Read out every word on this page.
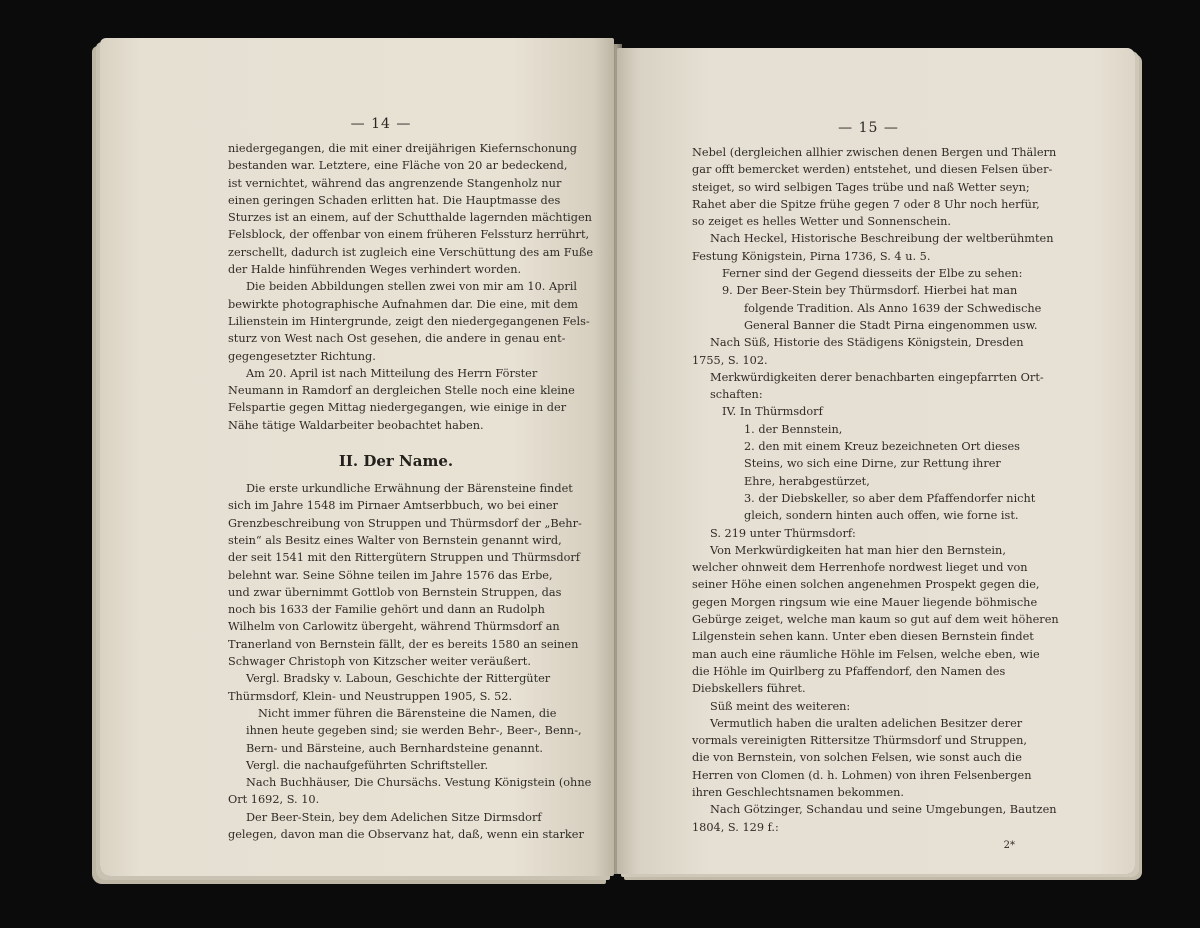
— 14 —

niedergegangen, die mit einer dreijährigen Kiefernschonung

bestanden war. Letztere, eine Fläche von 20 ar bedeckend,

ist vernichtet, während das angrenzende Stangenholz nur

einen geringen Schaden erlitten hat. Die Hauptmasse des

Sturzes ist an einem, auf der Schutthalde lagernden mächtigen

Felsblock, der offenbar von einem früheren Felssturz herrührt,

zerschellt, dadurch ist zugleich eine Verschüttung des am Fuße

der Halde hinführenden Weges verhindert worden.

Die beiden Abbildungen stellen zwei von mir am 10. April

bewirkte photographische Aufnahmen dar. Die eine, mit dem

Lilienstein im Hintergrunde, zeigt den niedergegangenen Fels-

sturz von West nach Ost gesehen, die andere in genau ent-

gegengesetzter Richtung.

Am 20. April ist nach Mitteilung des Herrn Förster

Neumann in Ramdorf an dergleichen Stelle noch eine kleine

Felspartie gegen Mittag niedergegangen, wie einige in der

Nähe tätige Waldarbeiter beobachtet haben.

II. Der Name.

Die erste urkundliche Erwähnung der Bärensteine findet

sich im Jahre 1548 im Pirnaer Amtserbbuch, wo bei einer

Grenzbeschreibung von Struppen und Thürmsdorf der „Behr-

stein“ als Besitz eines Walter von Bernstein genannt wird,

der seit 1541 mit den Rittergütern Struppen und Thürmsdorf

belehnt war. Seine Söhne teilen im Jahre 1576 das Erbe,

und zwar übernimmt Gottlob von Bernstein Struppen, das

noch bis 1633 der Familie gehört und dann an Rudolph

Wilhelm von Carlowitz übergeht, während Thürmsdorf an

Tranerland von Bernstein fällt, der es bereits 1580 an seinen

Schwager Christoph von Kitzscher weiter veräußert.

Vergl. Bradsky v. Laboun, Geschichte der Rittergüter

Thürmsdorf, Klein- und Neustruppen 1905, S. 52.

Nicht immer führen die Bärensteine die Namen, die

ihnen heute gegeben sind; sie werden Behr-, Beer-, Benn-,

Bern- und Bärsteine, auch Bernhardsteine genannt.

Vergl. die nachaufgeführten Schriftsteller.

Nach Buchhäuser, Die Chursächs. Vestung Königstein (ohne

Ort 1692, S. 10.

Der Beer-Stein, bey dem Adelichen Sitze Dirmsdorf

gelegen, davon man die Observanz hat, daß, wenn ein starker

— 15 —

Nebel (dergleichen allhier zwischen denen Bergen und Thälern

gar offt bemercket werden) entstehet, und diesen Felsen über-

steiget, so wird selbigen Tages trübe und naß Wetter seyn;

Rahet aber die Spitze frühe gegen 7 oder 8 Uhr noch herfür,

so zeiget es helles Wetter und Sonnenschein.

Nach Heckel, Historische Beschreibung der weltberühmten

Festung Königstein, Pirna 1736, S. 4 u. 5.

Ferner sind der Gegend diesseits der Elbe zu sehen:

9. Der Beer-Stein bey Thürmsdorf. Hierbei hat man

folgende Tradition. Als Anno 1639 der Schwedische

General Banner die Stadt Pirna eingenommen usw.

Nach Süß, Historie des Städigens Königstein, Dresden

1755, S. 102.

Merkwürdigkeiten derer benachbarten eingepfarrten Ort-

schaften:

IV. In Thürmsdorf

1. der Bennstein,

2. den mit einem Kreuz bezeichneten Ort dieses

Steins, wo sich eine Dirne, zur Rettung ihrer

Ehre, herabgestürzet,

3. der Diebskeller, so aber dem Pfaffendorfer nicht

gleich, sondern hinten auch offen, wie forne ist.

S. 219 unter Thürmsdorf:

Von Merkwürdigkeiten hat man hier den Bernstein,

welcher ohnweit dem Herrenhofe nordwest lieget und von

seiner Höhe einen solchen angenehmen Prospekt gegen die,

gegen Morgen ringsum wie eine Mauer liegende böhmische

Gebürge zeiget, welche man kaum so gut auf dem weit höheren

Lilgenstein sehen kann. Unter eben diesen Bernstein findet

man auch eine räumliche Höhle im Felsen, welche eben, wie

die Höhle im Quirlberg zu Pfaffendorf, den Namen des

Diebskellers führet.

Süß meint des weiteren:

Vermutlich haben die uralten adelichen Besitzer derer

vormals vereinigten Rittersitze Thürmsdorf und Struppen,

die von Bernstein, von solchen Felsen, wie sonst auch die

Herren von Clomen (d. h. Lohmen) von ihren Felsenbergen

ihren Geschlechtsnamen bekommen.

Nach Götzinger, Schandau und seine Umgebungen, Bautzen

1804, S. 129 f.:

2*
